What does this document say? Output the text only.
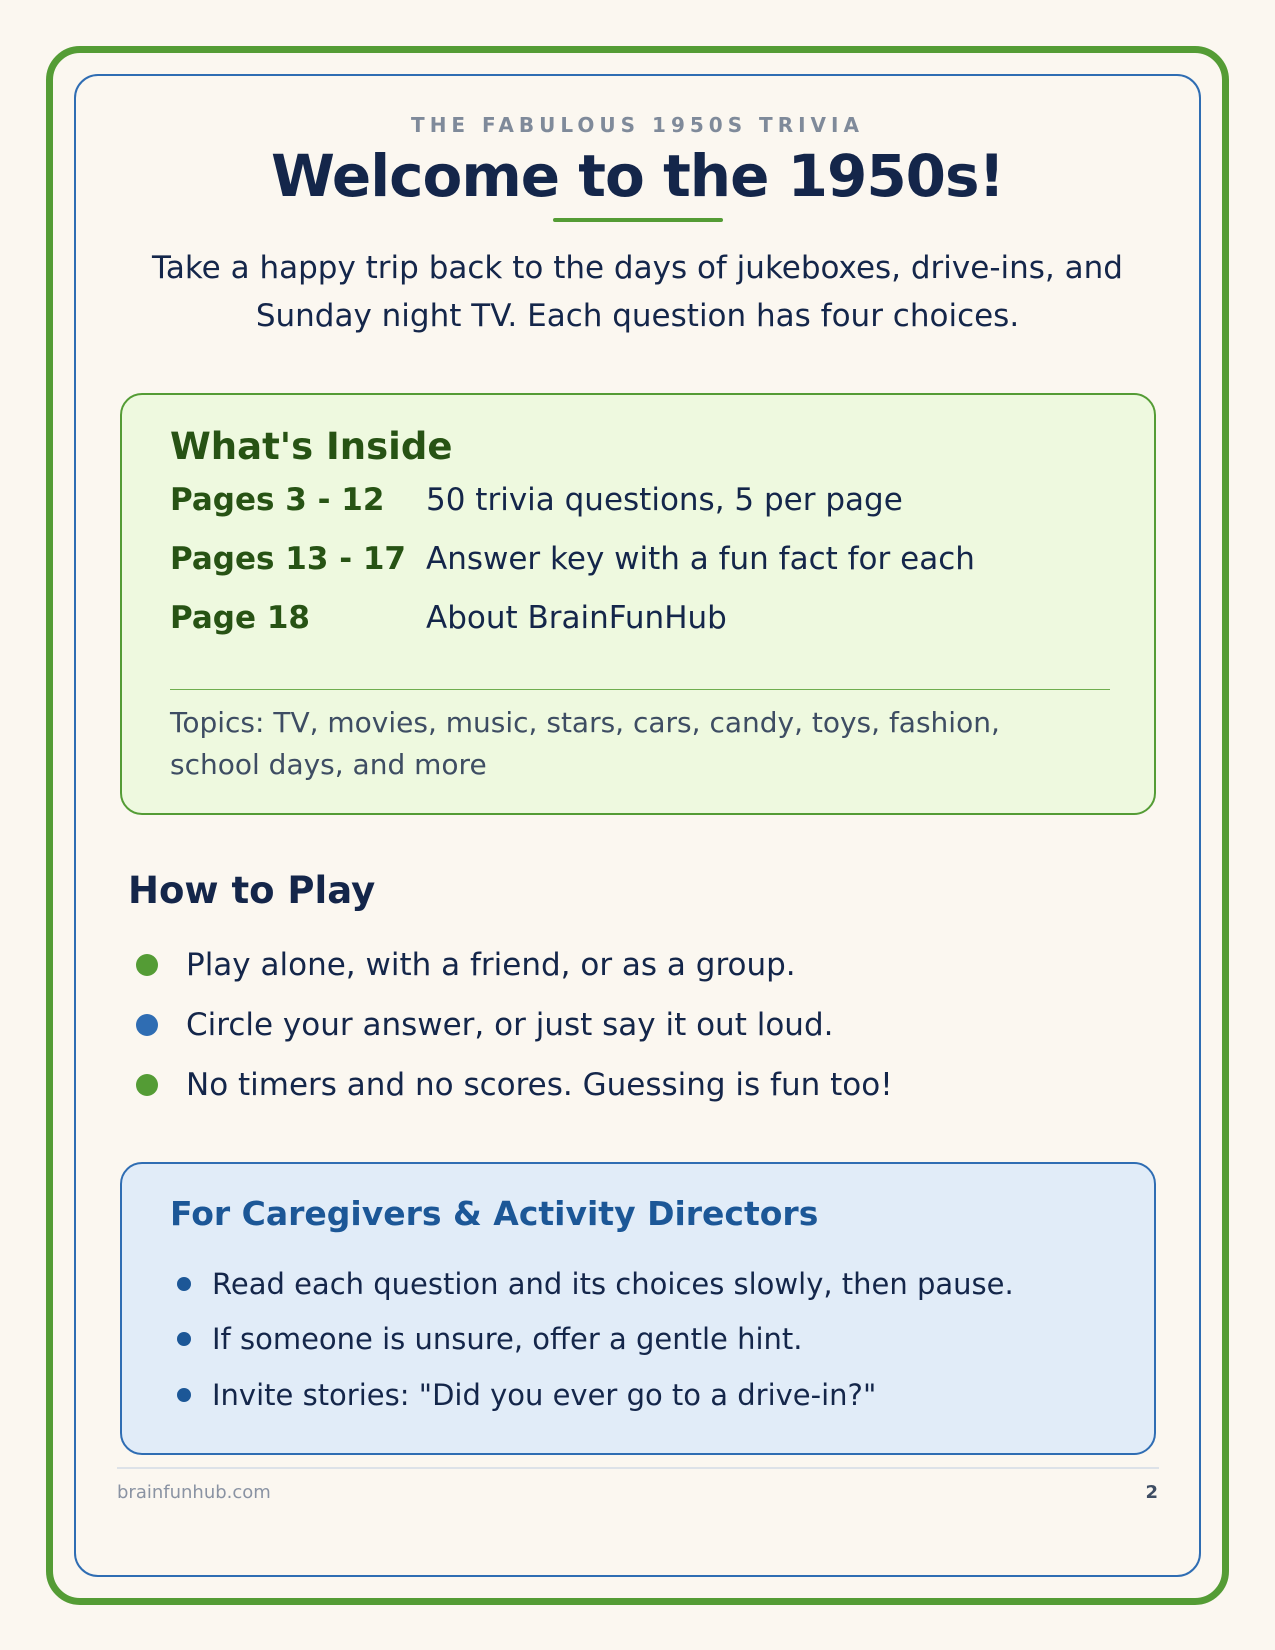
THE FABULOUS 1950S TRIVIA
Welcome to the 1950s!
Take a happy trip back to the days of jukeboxes, drive-ins, and Sunday night TV. Each question has four choices.
What's Inside
Pages 3 - 12	50 trivia questions, 5 per page
Pages 13 - 17 Answer key with a fun fact for each
Page 18	About BrainFunHub
Topics: TV, movies, music, stars, cars, candy, toys, fashion, school days, and more
How to Play
Play alone, with a friend, or as a group.
Circle your answer, or just say it out loud.
No timers and no scores. Guessing is fun too!
For Caregivers & Activity Directors
Read each question and its choices slowly, then pause.
If someone is unsure, offer a gentle hint.
Invite stories: "Did you ever go to a drive-in?"
brainfunhub.com	2
